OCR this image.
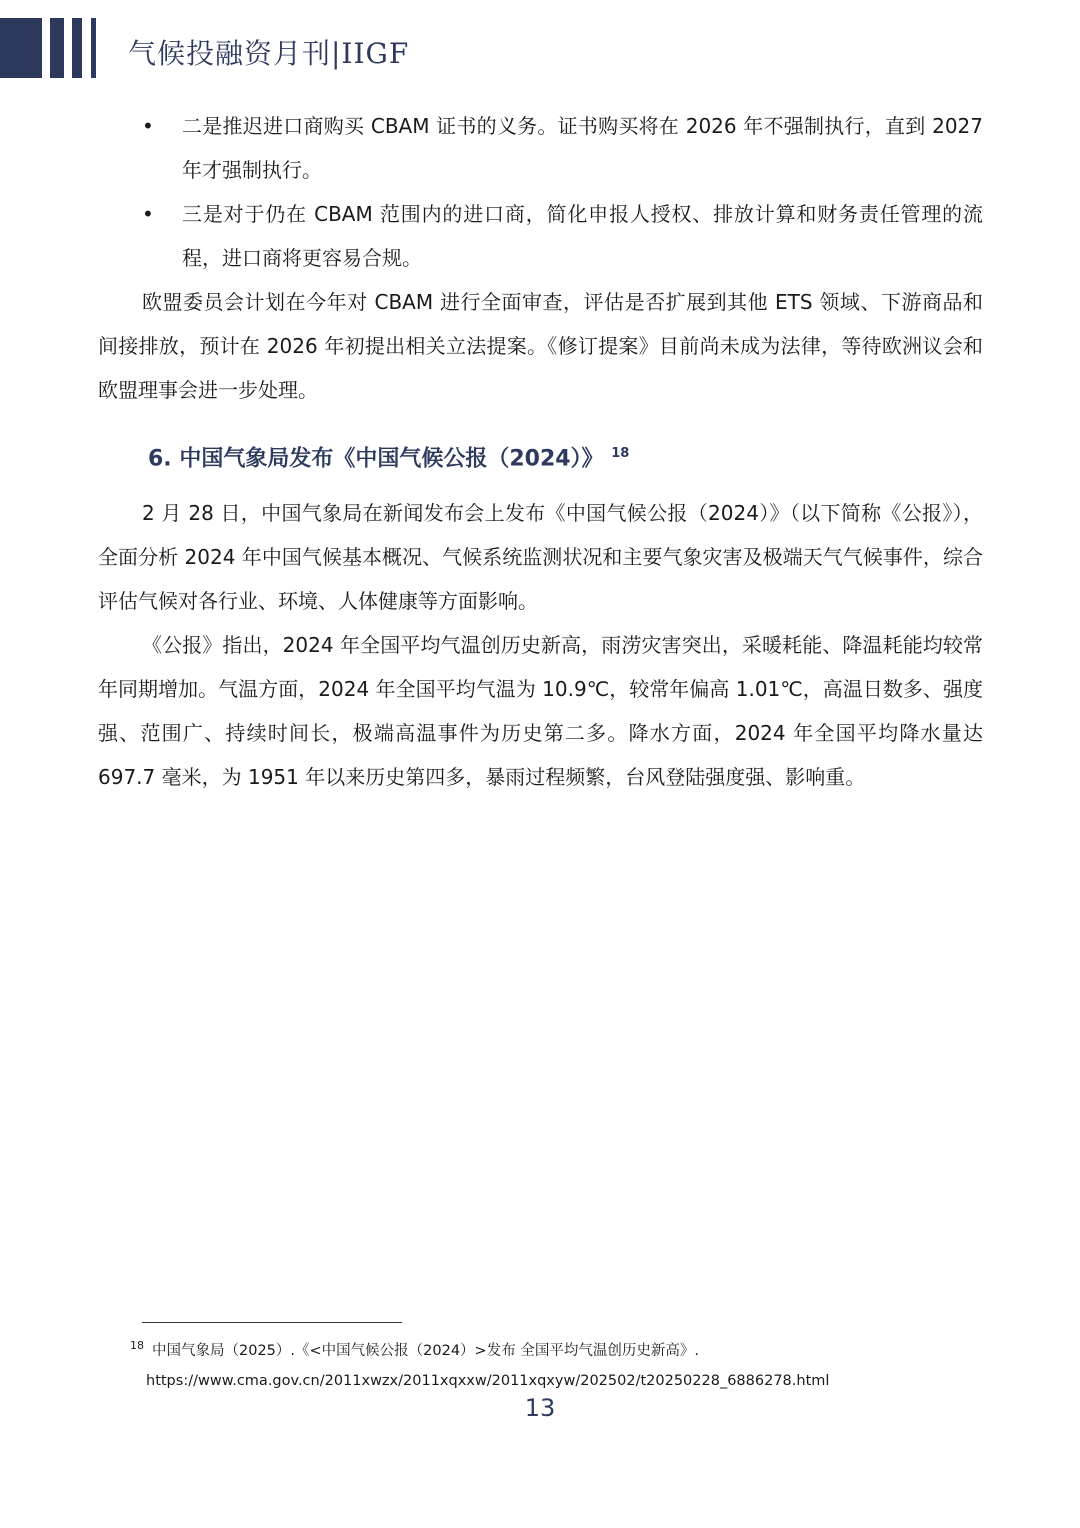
气候投融资月刊|IIGF
• 二是推迟进口商购买 CBAM 证书的义务。证书购买将在 2026 年不强制执行，直到 2027 年才强制执行。
• 三是对于仍在 CBAM 范围内的进口商，简化申报人授权、排放计算和财务责任管理的流程，进口商将更容易合规。

欧盟委员会计划在今年对 CBAM 进行全面审查，评估是否扩展到其他 ETS 领域、下游商品和间接排放，预计在 2026 年初提出相关立法提案。《修订提案》目前尚未成为法律，等待欧洲议会和欧盟理事会进一步处理。

6. 中国气象局发布《中国气候公报（2024）》 $^{18}$

2 月 28 日，中国气象局在新闻发布会上发布《中国气候公报（2024）》（以下简称《公报》），全面分析 2024 年中国气候基本概况、气候系统监测状况和主要气象灾害及极端天气气候事件，综合评估气候对各行业、环境、人体健康等方面影响。

《公报》指出，2024 年全国平均气温创历史新高，雨涝灾害突出，采暖耗能、降温耗能均较常年同期增加。气温方面，2024 年全国平均气温为 10.9℃，较常年偏高 1.01℃，高温日数多、强度强、范围广、持续时间长，极端高温事件为历史第二多。降水方面，2024 年全国平均降水量达 697.7 毫米，为 1951 年以来历史第四多，暴雨过程频繁，台风登陆强度强、影响重。

$^{18}$ 中国气象局（2025）.《<中国气候公报（2024）>发布 全国平均气温创历史新高》.
https://www.cma.gov.cn/2011xwzx/2011xqxxw/2011xqxyw/202502/t20250228_6886278.html
13
